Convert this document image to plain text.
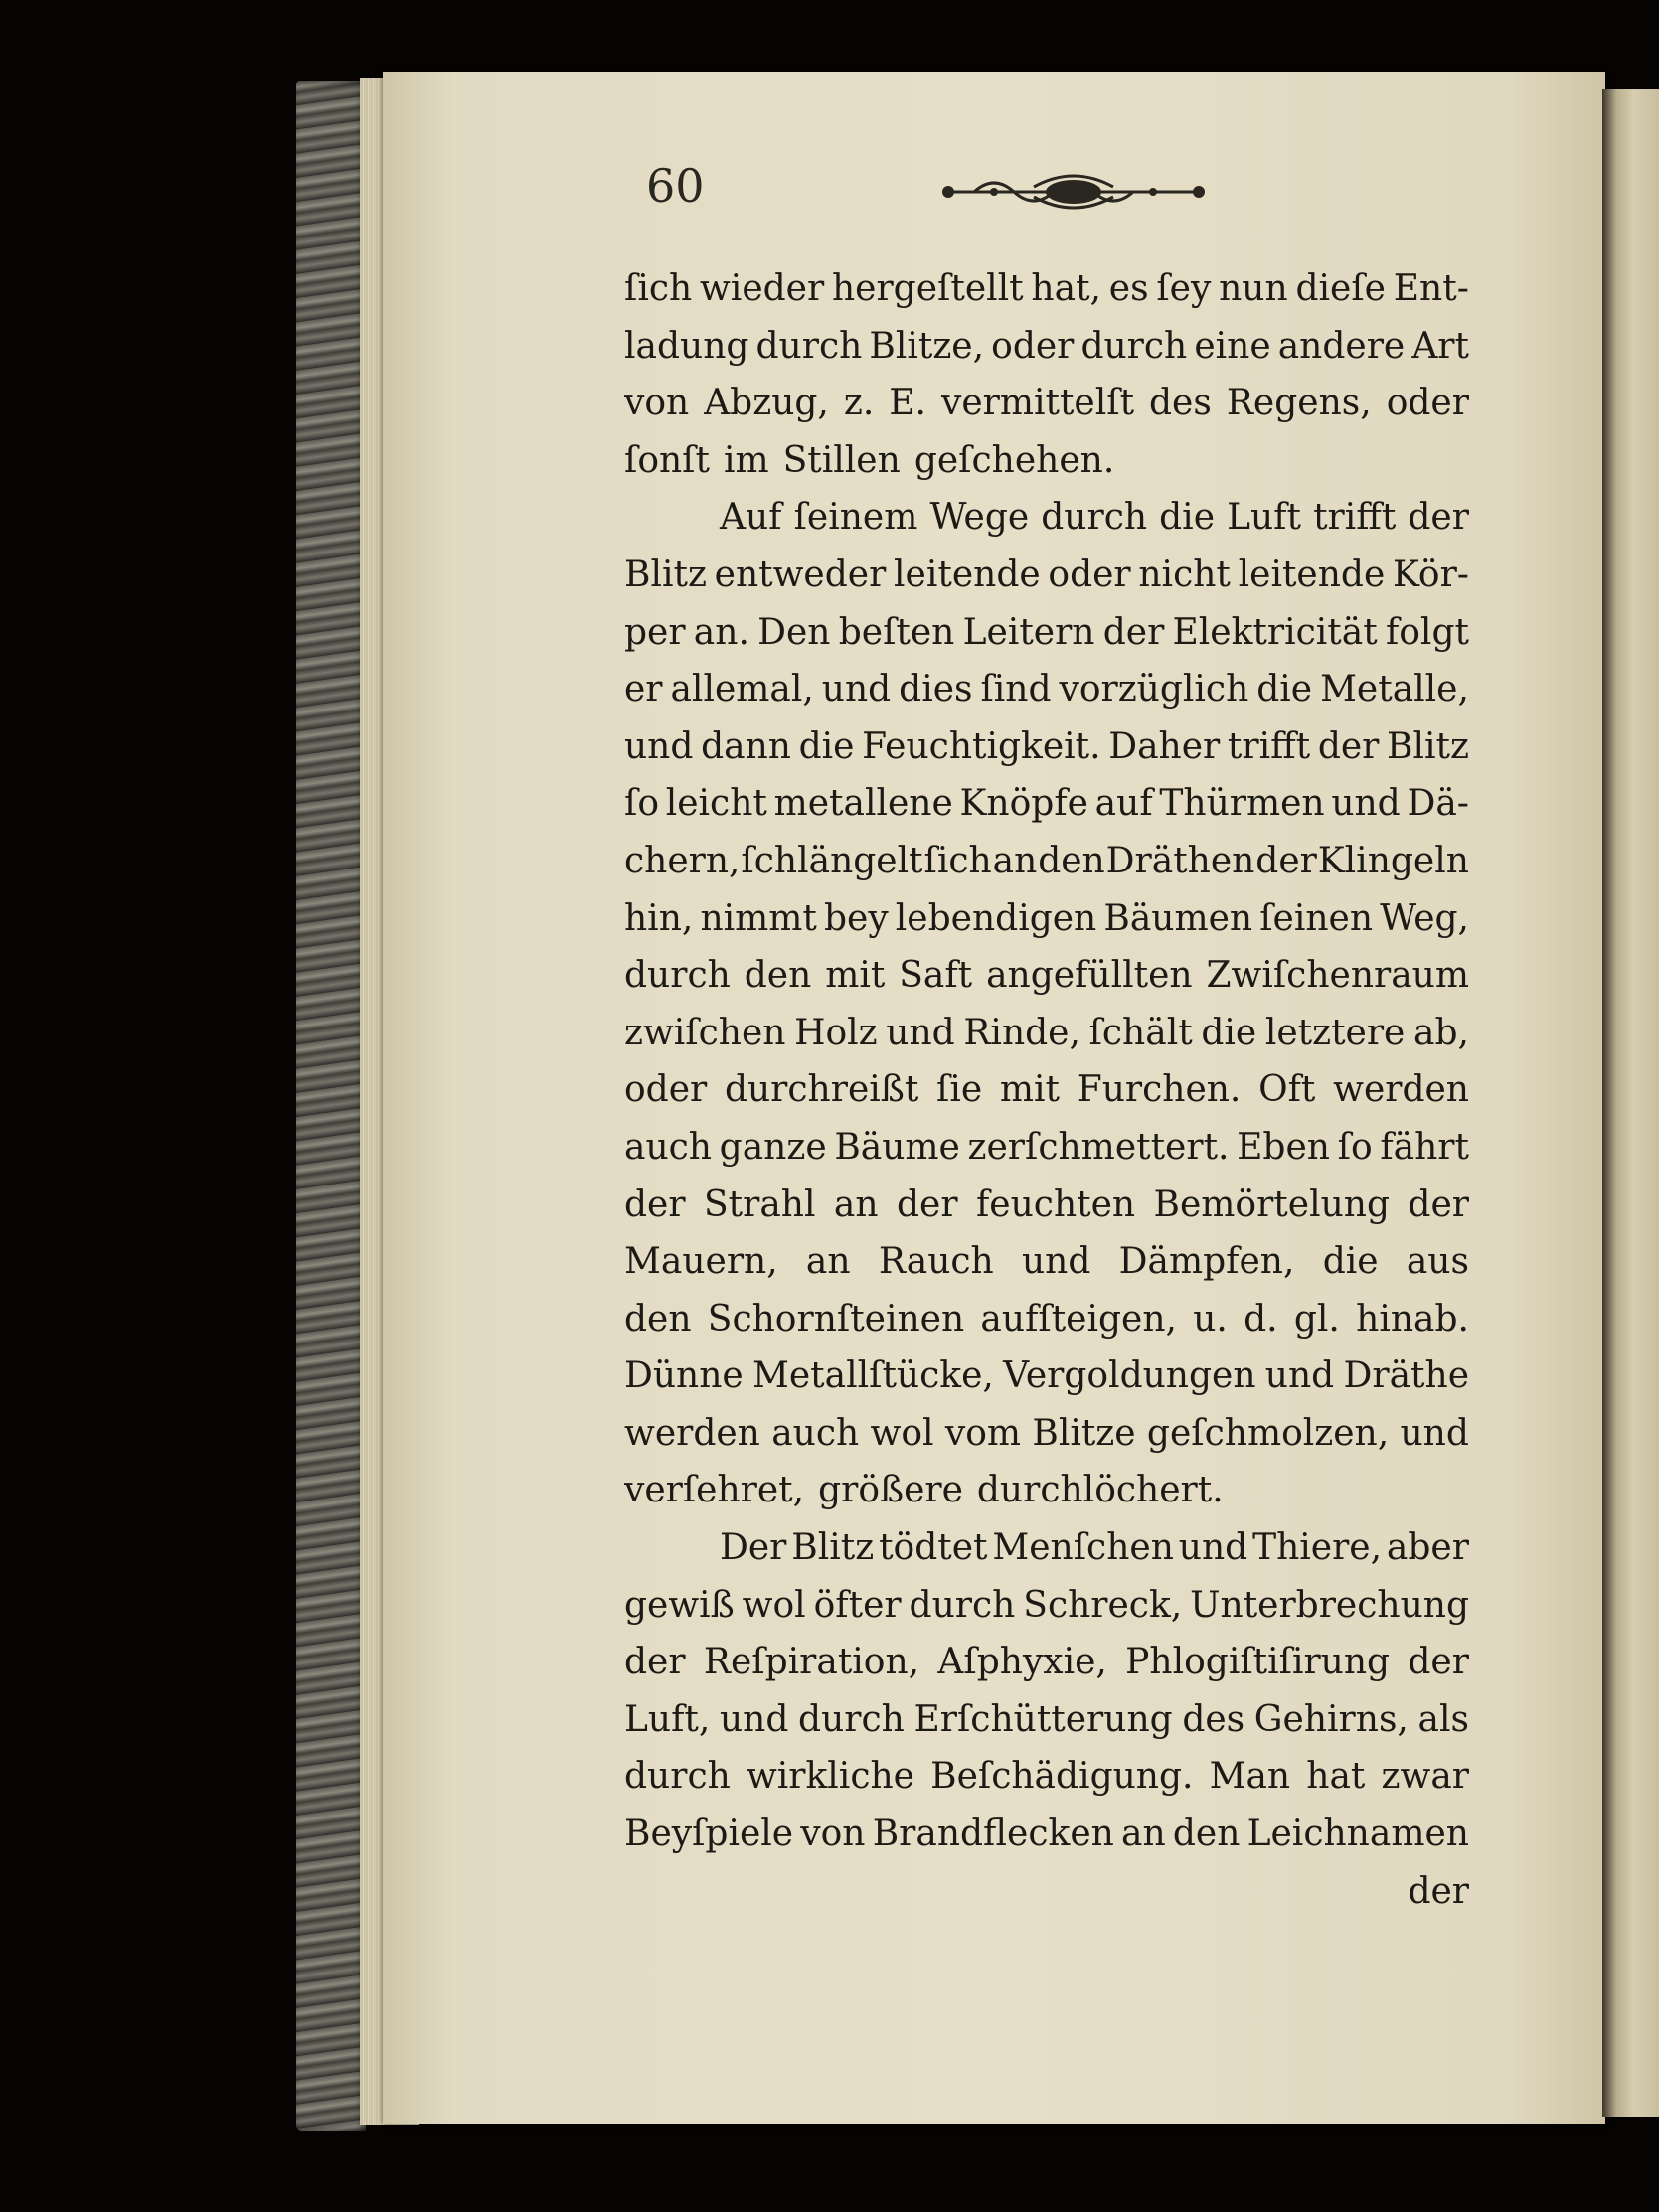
60
ſich wieder hergeſtellt hat, es ſey nun dieſe Ent-
ladung durch Blitze, oder durch eine andere Art
von Abzug, z. E. vermittelſt des Regens, oder
ſonſt im Stillen geſchehen.
Auf ſeinem Wege durch die Luft trifft der
Blitz entweder leitende oder nicht leitende Kör-
per an. Den beſten Leitern der Elektricität folgt
er allemal, und dies ſind vorzüglich die Metalle,
und dann die Feuchtigkeit. Daher trifft der Blitz
ſo leicht metallene Knöpfe auf Thürmen und Dä-
chern, ſchlängelt ſich an den Dräthen der Klingeln
hin, nimmt bey lebendigen Bäumen ſeinen Weg,
durch den mit Saft angefüllten Zwiſchenraum
zwiſchen Holz und Rinde, ſchält die letztere ab,
oder durchreißt ſie mit Furchen. Oft werden
auch ganze Bäume zerſchmettert. Eben ſo fährt
der Strahl an der feuchten Bemörtelung der
Mauern, an Rauch und Dämpfen, die aus
den Schornſteinen aufſteigen, u. d. gl. hinab.
Dünne Metallſtücke, Vergoldungen und Dräthe
werden auch wol vom Blitze geſchmolzen, und
verſehret, größere durchlöchert.
Der Blitz tödtet Menſchen und Thiere, aber
gewiß wol öfter durch Schreck, Unterbrechung
der Reſpiration, Aſphyxie, Phlogiſtiſirung der
Luft, und durch Erſchütterung des Gehirns, als
durch wirkliche Beſchädigung. Man hat zwar
Beyſpiele von Brandflecken an den Leichnamen
der
